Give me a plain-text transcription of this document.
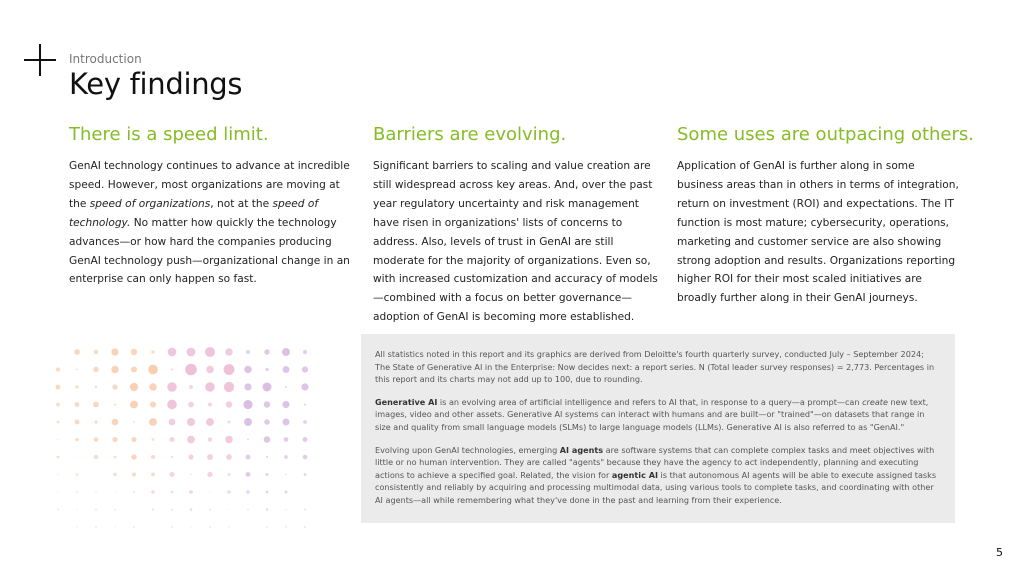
Introduction
Key findings
There is a speed limit.

GenAI technology continues to advance at incredible speed. However, most organizations are moving at the speed of organizations, not at the speed of technology. No matter how quickly the technology advances—or how hard the companies producing GenAI technology push—organizational change in an enterprise can only happen so fast.

Barriers are evolving.

Significant barriers to scaling and value creation are still widespread across key areas. And, over the past year regulatory uncertainty and risk management have risen in organizations' lists of concerns to address. Also, levels of trust in GenAI are still moderate for the majority of organizations. Even so, with increased customization and accuracy of models—combined with a focus on better governance—adoption of GenAI is becoming more established.

Some uses are outpacing others.

Application of GenAI is further along in some business areas than in others in terms of integration, return on investment (ROI) and expectations. The IT function is most mature; cybersecurity, operations, marketing and customer service are also showing strong adoption and results. Organizations reporting higher ROI for their most scaled initiatives are broadly further along in their GenAI journeys.

All statistics noted in this report and its graphics are derived from Deloitte's fourth quarterly survey, conducted July – September 2024; The State of Generative AI in the Enterprise: Now decides next: a report series. N (Total leader survey responses) = 2,773. Percentages in this report and its charts may not add up to 100, due to rounding.

Generative AI is an evolving area of artificial intelligence and refers to AI that, in response to a query—a prompt—can create new text, images, video and other assets. Generative AI systems can interact with humans and are built—or "trained"—on datasets that range in size and quality from small language models (SLMs) to large language models (LLMs). Generative AI is also referred to as "GenAI."

Evolving upon GenAI technologies, emerging AI agents are software systems that can complete complex tasks and meet objectives with little or no human intervention. They are called "agents" because they have the agency to act independently, planning and executing actions to achieve a specified goal. Related, the vision for agentic AI is that autonomous AI agents will be able to execute assigned tasks consistently and reliably by acquiring and processing multimodal data, using various tools to complete tasks, and coordinating with other AI agents—all while remembering what they've done in the past and learning from their experience.

5
